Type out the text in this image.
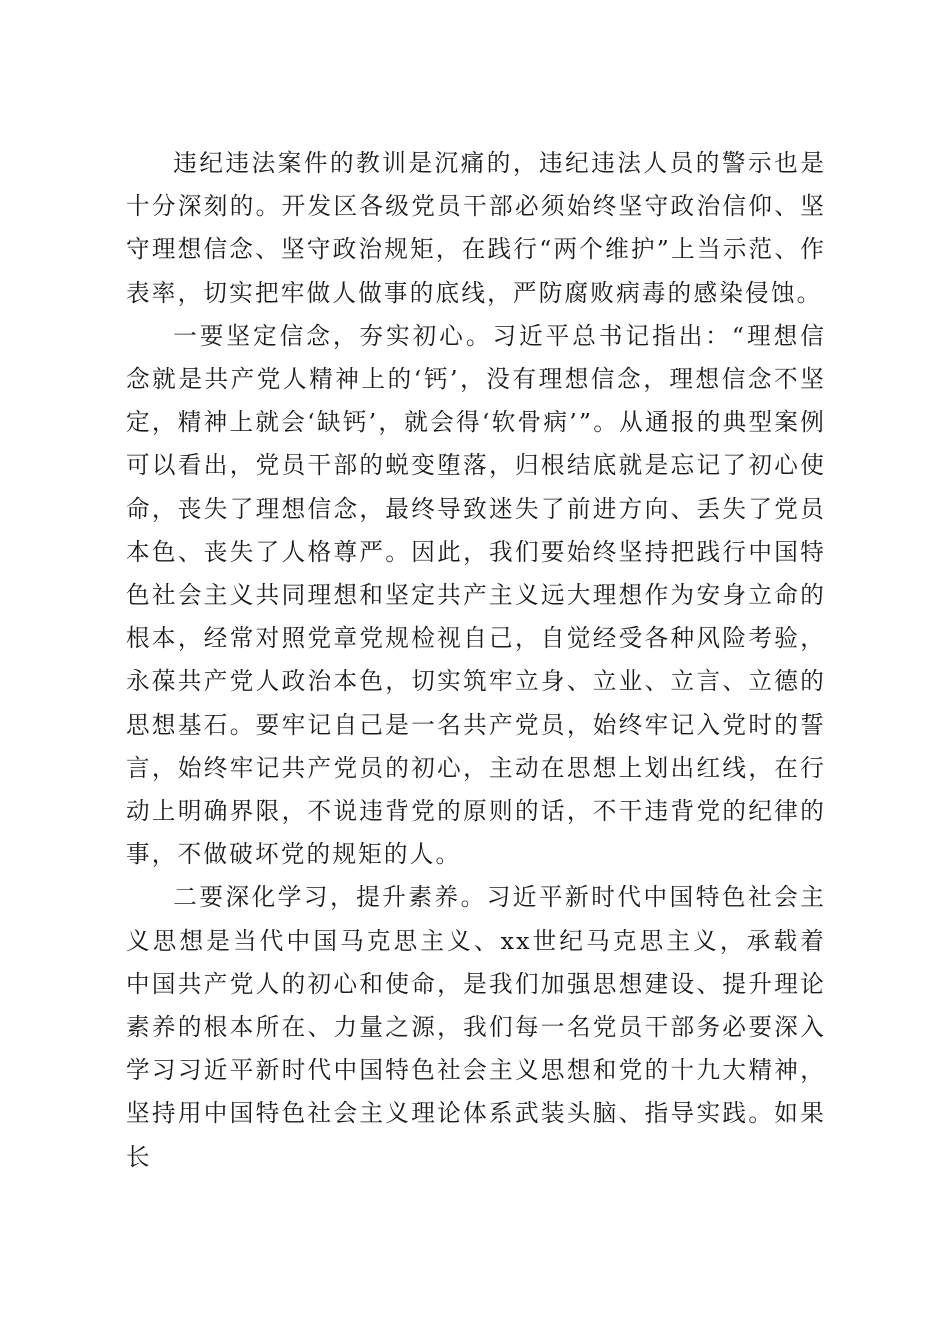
违纪违法案件的教训是沉痛的，违纪违法人员的警示也是十分深刻的。开发区各级党员干部必须始终坚守政治信仰、坚守理想信念、坚守政治规矩，在践行“两个维护”上当示范、作表率，切实把牢做人做事的底线，严防腐败病毒的感染侵蚀。

一要坚定信念，夯实初心。习近平总书记指出：“理想信念就是共产党人精神上的‘钙’，没有理想信念，理想信念不坚定，精神上就会‘缺钙’，就会得‘软骨病’”。从通报的典型案例可以看出，党员干部的蜕变堕落，归根结底就是忘记了初心使命，丧失了理想信念，最终导致迷失了前进方向、丢失了党员本色、丧失了人格尊严。因此，我们要始终坚持把践行中国特色社会主义共同理想和坚定共产主义远大理想作为安身立命的根本，经常对照党章党规检视自己，自觉经受各种风险考验，永葆共产党人政治本色，切实筑牢立身、立业、立言、立德的思想基石。要牢记自己是一名共产党员，始终牢记入党时的誓言，始终牢记共产党员的初心，主动在思想上划出红线，在行动上明确界限，不说违背党的原则的话，不干违背党的纪律的事，不做破坏党的规矩的人。

二要深化学习，提升素养。习近平新时代中国特色社会主义思想是当代中国马克思主义、xx世纪马克思主义，承载着中国共产党人的初心和使命，是我们加强思想建设、提升理论素养的根本所在、力量之源，我们每一名党员干部务必要深入学习习近平新时代中国特色社会主义思想和党的十九大精神，坚持用中国特色社会主义理论体系武装头脑、指导实践。如果长
